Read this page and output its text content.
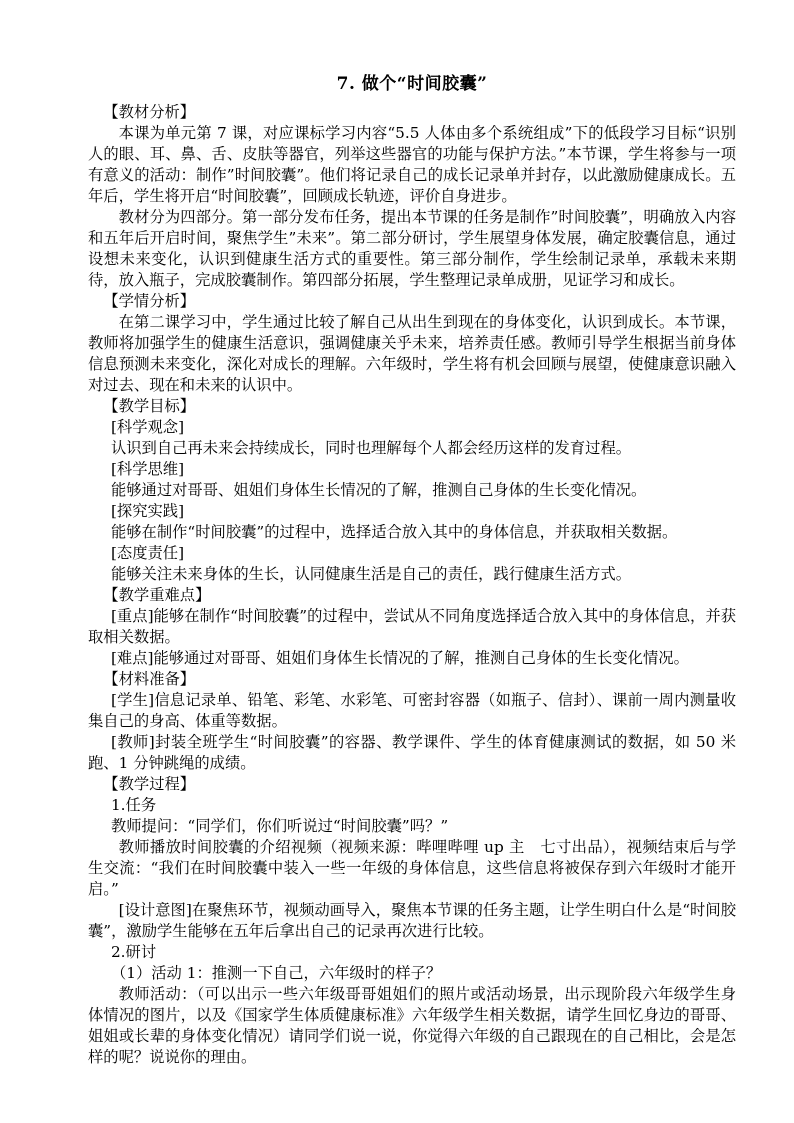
7. 做个“时间胶囊”

【教材分析】

本课为单元第 7 课，对应课标学习内容“5.5 人体由多个系统组成”下的低段学习目标“识别人的眼、耳、鼻、舌、皮肤等器官，列举这些器官的功能与保护方法。”本节课，学生将参与一项有意义的活动：制作”时间胶囊”。他们将记录自己的成长记录单并封存，以此激励健康成长。五年后，学生将开启“时间胶囊”，回顾成长轨迹，评价自身进步。

教材分为四部分。第一部分发布任务，提出本节课的任务是制作”时间胶囊”，明确放入内容和五年后开启时间，聚焦学生”未来”。第二部分研讨，学生展望身体发展，确定胶囊信息，通过设想未来变化，认识到健康生活方式的重要性。第三部分制作，学生绘制记录单，承载未来期待，放入瓶子，完成胶囊制作。第四部分拓展，学生整理记录单成册，见证学习和成长。

【学情分析】

在第二课学习中，学生通过比较了解自己从出生到现在的身体变化，认识到成长。本节课，教师将加强学生的健康生活意识，强调健康关乎未来，培养责任感。教师引导学生根据当前身体信息预测未来变化，深化对成长的理解。六年级时，学生将有机会回顾与展望，使健康意识融入对过去、现在和未来的认识中。

【教学目标】

[科学观念]

认识到自己再未来会持续成长，同时也理解每个人都会经历这样的发育过程。

[科学思维]

能够通过对哥哥、姐姐们身体生长情况的了解，推测自己身体的生长变化情况。

[探究实践]

能够在制作“时间胶囊”的过程中，选择适合放入其中的身体信息，并获取相关数据。

[态度责任]

能够关注未来身体的生长，认同健康生活是自己的责任，践行健康生活方式。

【教学重难点】

[重点]能够在制作“时间胶囊”的过程中，尝试从不同角度选择适合放入其中的身体信息，并获取相关数据。

[难点]能够通过对哥哥、姐姐们身体生长情况的了解，推测自己身体的生长变化情况。

【材料准备】

[学生]信息记录单、铅笔、彩笔、水彩笔、可密封容器（如瓶子、信封）、课前一周内测量收集自己的身高、体重等数据。

[教师]封装全班学生“时间胶囊”的容器、教学课件、学生的体育健康测试的数据，如 50 米跑、1 分钟跳绳的成绩。

【教学过程】

1.任务

教师提问：“同学们，你们听说过“时间胶囊”吗？”

教师播放时间胶囊的介绍视频（视频来源：哔哩哔哩 up 主　七寸出品），视频结束后与学生交流：“我们在时间胶囊中装入一些一年级的身体信息，这些信息将被保存到六年级时才能开启。”

[设计意图]在聚焦环节，视频动画导入，聚焦本节课的任务主题，让学生明白什么是“时间胶囊”，激励学生能够在五年后拿出自己的记录再次进行比较。

2.研讨

（1）活动 1：推测一下自己，六年级时的样子？

教师活动：（可以出示一些六年级哥哥姐姐们的照片或活动场景，出示现阶段六年级学生身体情况的图片，以及《国家学生体质健康标准》六年级学生相关数据，请学生回忆身边的哥哥、姐姐或长辈的身体变化情况）请同学们说一说，你觉得六年级的自己跟现在的自己相比，会是怎样的呢？说说你的理由。
